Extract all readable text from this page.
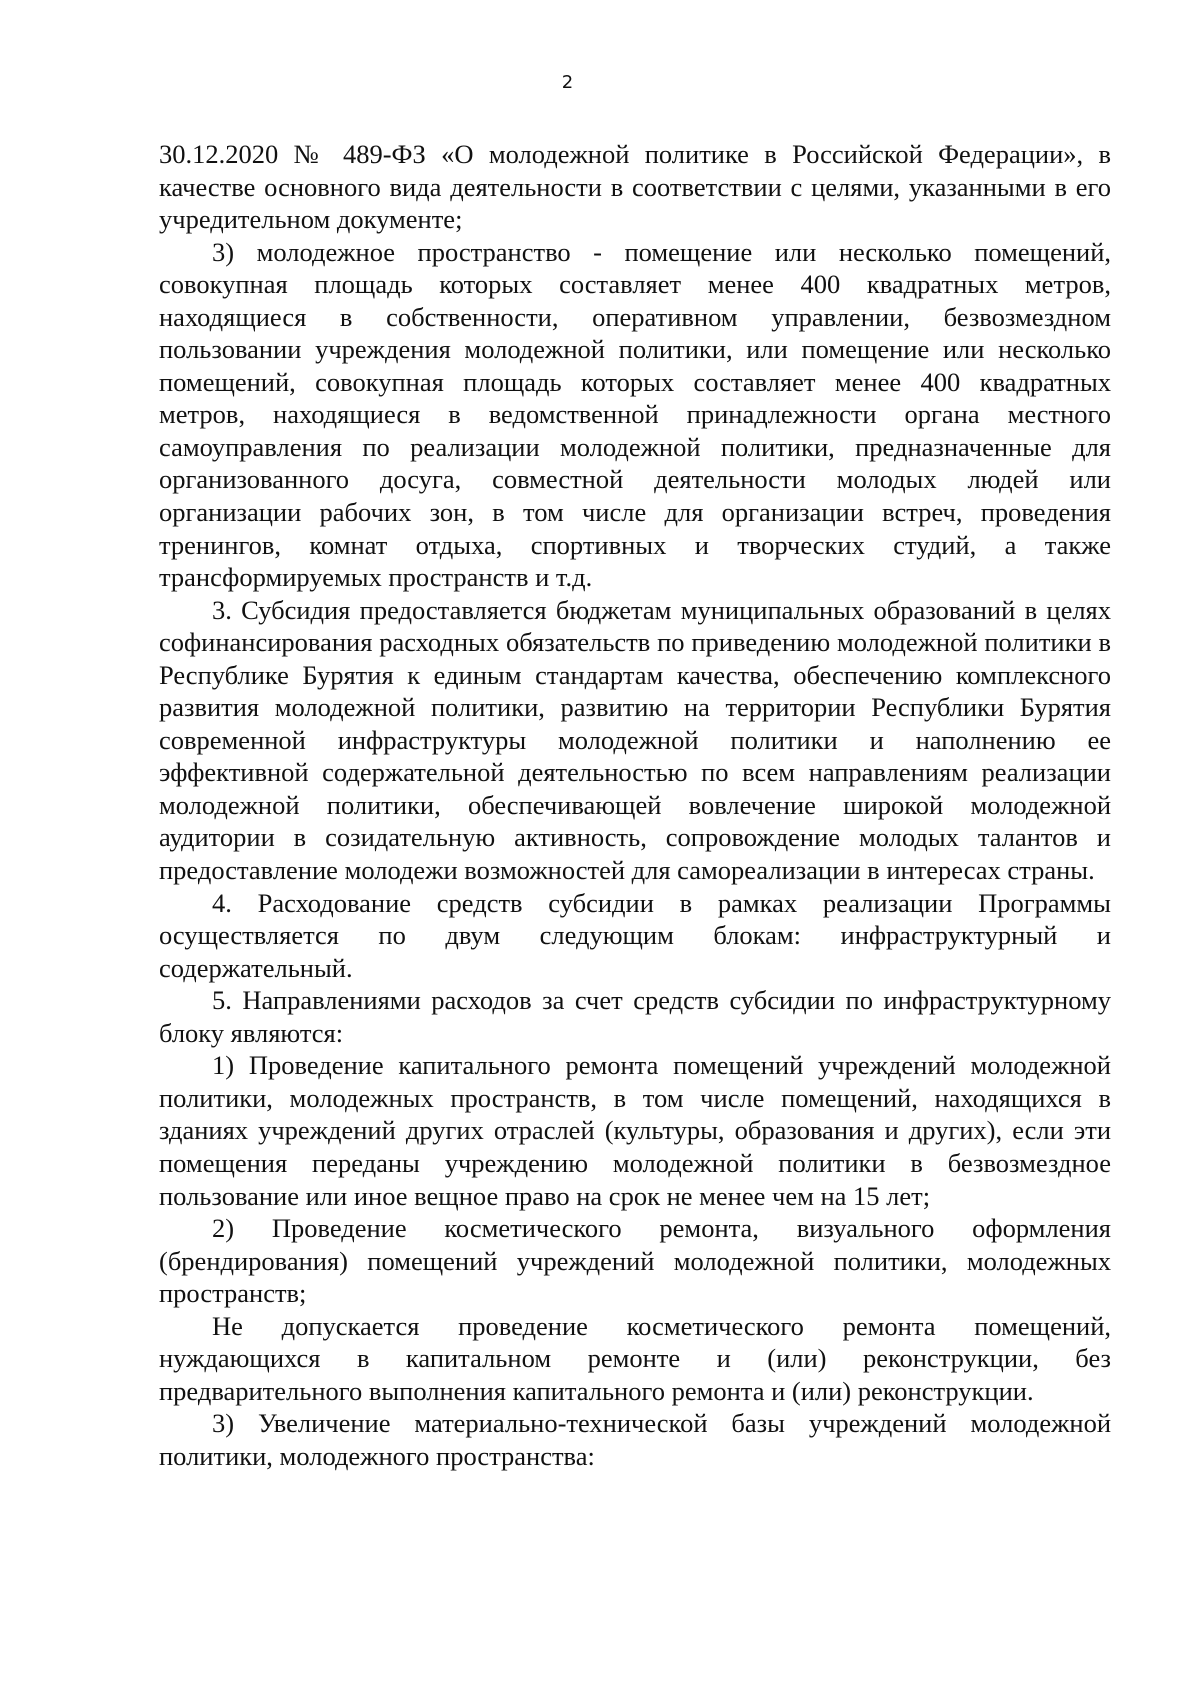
2

30.12.2020 № 489-ФЗ «О молодежной политике в Российской Федерации», в качестве основного вида деятельности в соответствии с целями, указанными в его учредительном документе;

3) молодежное пространство - помещение или несколько помещений, совокупная площадь которых составляет менее 400 квадратных метров, находящиеся в собственности, оперативном управлении, безвозмездном пользовании учреждения молодежной политики, или помещение или несколько помещений, совокупная площадь которых составляет менее 400 квадратных метров, находящиеся в ведомственной принадлежности органа местного самоуправления по реализации молодежной политики, предназначенные для организованного досуга, совместной деятельности молодых людей или организации рабочих зон, в том числе для организации встреч, проведения тренингов, комнат отдыха, спортивных и творческих студий, а также трансформируемых пространств и т.д.

3. Субсидия предоставляется бюджетам муниципальных образований в целях софинансирования расходных обязательств по приведению молодежной политики в Республике Бурятия к единым стандартам качества, обеспечению комплексного развития молодежной политики, развитию на территории Республики Бурятия современной инфраструктуры молодежной политики и наполнению ее эффективной содержательной деятельностью по всем направлениям реализации молодежной политики, обеспечивающей вовлечение широкой молодежной аудитории в созидательную активность, сопровождение молодых талантов и предоставление молодежи возможностей для самореализации в интересах страны.

4. Расходование средств субсидии в рамках реализации Программы осуществляется по двум следующим блокам: инфраструктурный и содержательный.

5. Направлениями расходов за счет средств субсидии по инфраструктурному блоку являются:

1) Проведение капитального ремонта помещений учреждений молодежной политики, молодежных пространств, в том числе помещений, находящихся в зданиях учреждений других отраслей (культуры, образования и других), если эти помещения переданы учреждению молодежной политики в безвозмездное пользование или иное вещное право на срок не менее чем на 15 лет;

2) Проведение косметического ремонта, визуального оформления (брендирования) помещений учреждений молодежной политики, молодежных пространств;

Не допускается проведение косметического ремонта помещений, нуждающихся в капитальном ремонте и (или) реконструкции, без предварительного выполнения капитального ремонта и (или) реконструкции.

3) Увеличение материально-технической базы учреждений молодежной политики, молодежного пространства:
